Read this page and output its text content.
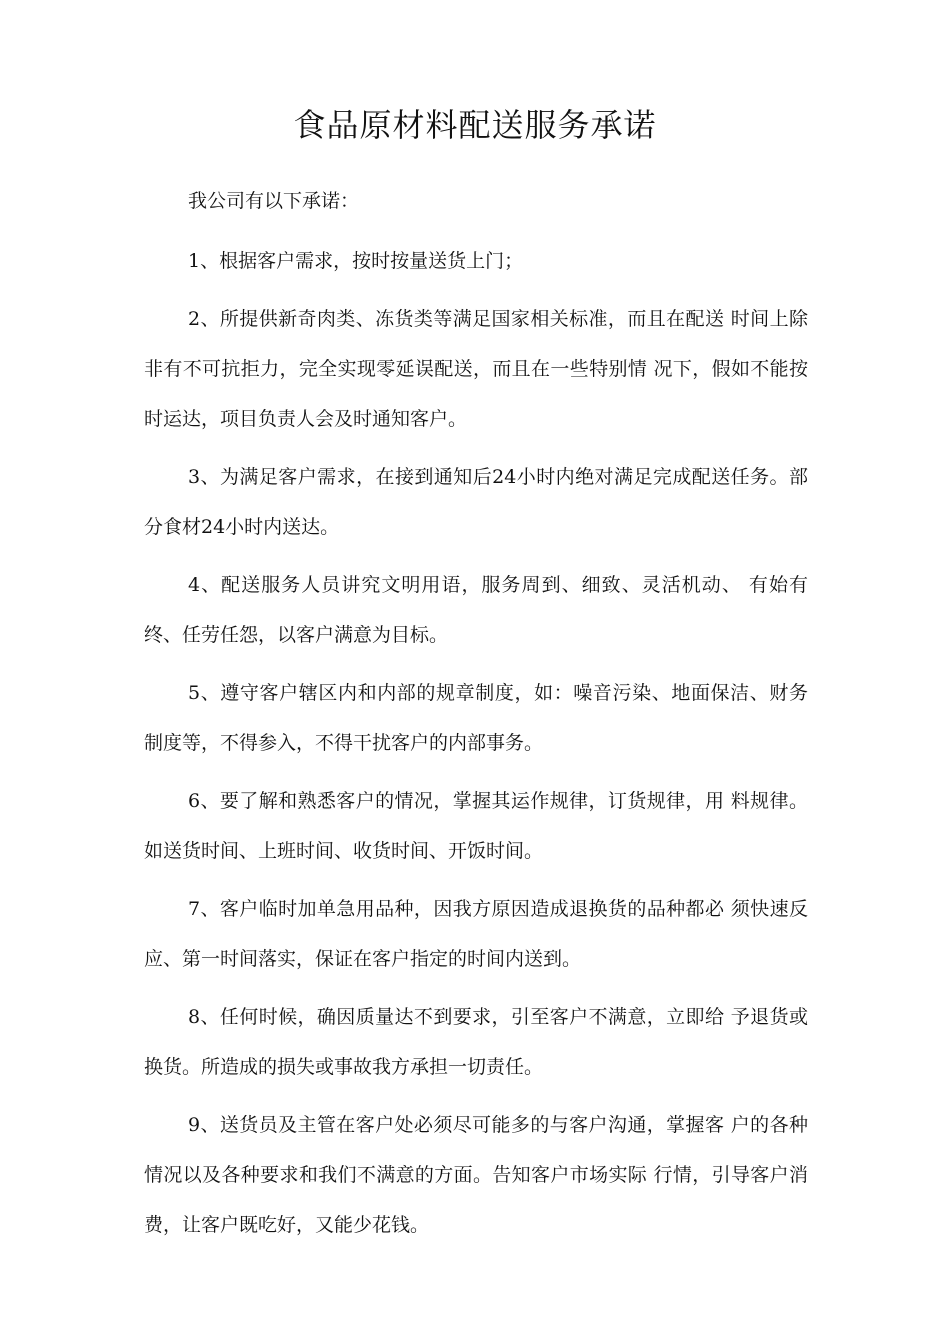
食品原材料配送服务承诺

我公司有以下承诺：

1、根据客户需求，按时按量送货上门；

2、所提供新奇肉类、冻货类等满足国家相关标准，而且在配送 时间上除非有不可抗拒力，完全实现零延误配送，而且在一些特别情 况下，假如不能按时运达，项目负责人会及时通知客户。

3、为满足客户需求，在接到通知后24小时内绝对满足完成配送任务。部分食材24小时内送达。

4、配送服务人员讲究文明用语，服务周到、细致、灵活机动、 有始有终、任劳任怨，以客户满意为目标。

5、遵守客户辖区内和内部的规章制度，如：噪音污染、地面保洁、财务制度等，不得参入，不得干扰客户的内部事务。

6、要了解和熟悉客户的情况，掌握其运作规律，订货规律，用 料规律。如送货时间、上班时间、收货时间、开饭时间。

7、客户临时加单急用品种，因我方原因造成退换货的品种都必 须快速反应、第一时间落实，保证在客户指定的时间内送到。

8、任何时候，确因质量达不到要求，引至客户不满意，立即给 予退货或换货。所造成的损失或事故我方承担一切责任。

9、送货员及主管在客户处必须尽可能多的与客户沟通，掌握客 户的各种情况以及各种要求和我们不满意的方面。告知客户市场实际 行情，引导客户消费，让客户既吃好，又能少花钱。
